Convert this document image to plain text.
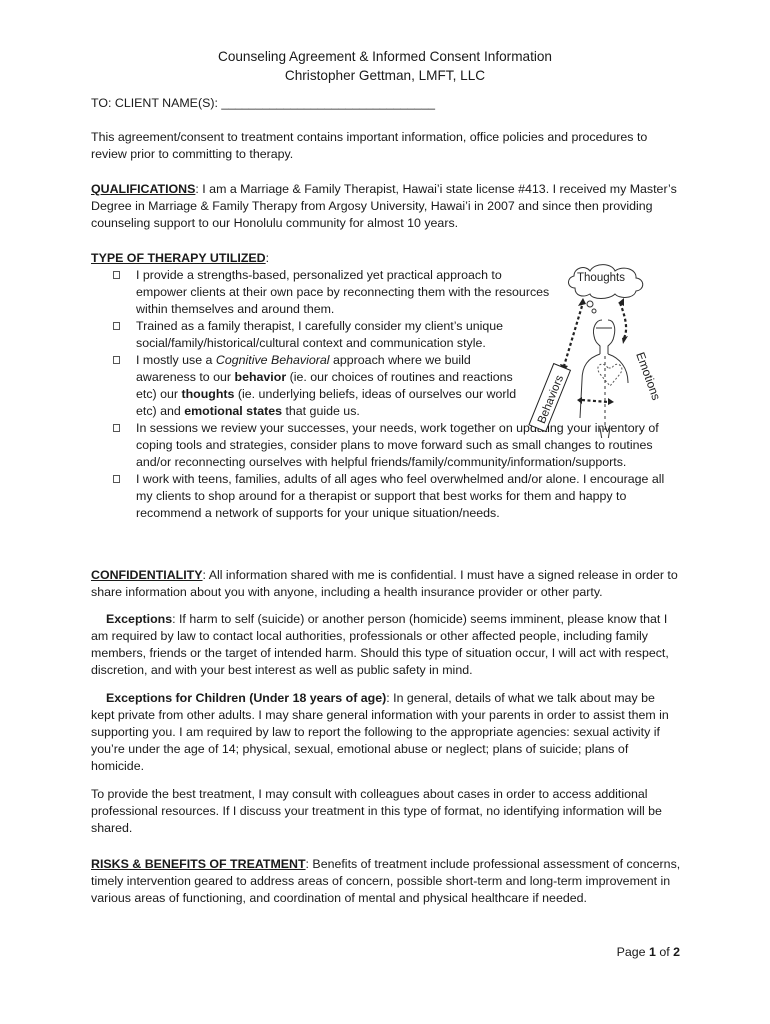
Counseling Agreement & Informed Consent Information
Christopher Gettman, LMFT, LLC
TO: CLIENT NAME(S): _______________________________

This agreement/consent to treatment contains important information, office policies and procedures to review prior to committing to therapy.

QUALIFICATIONS: I am a Marriage & Family Therapist, Hawai’i state license #413. I received my Master’s Degree in Marriage & Family Therapy from Argosy University, Hawai’i in 2007 and since then providing counseling support to our Honolulu community for almost 10 years.

TYPE OF THERAPY UTILIZED:

I provide a strengths-based, personalized yet practical approach to empower clients at their own pace by reconnecting them with the resources within themselves and around them.
Trained as a family therapist, I carefully consider my client’s unique social/family/historical/cultural context and communication style.
I mostly use a Cognitive Behavioral approach where we build awareness to our behavior (ie. our choices of routines and reactions etc) our thoughts (ie. underlying beliefs, ideas of ourselves our world etc) and emotional states that guide us.
In sessions we review your successes, your needs, work together on updating your inventory of coping tools and strategies, consider plans to move forward such as small changes to routines and/or reconnecting ourselves with helpful friends/family/community/information/supports.
I work with teens, families, adults of all ages who feel overwhelmed and/or alone. I encourage all my clients to shop around for a therapist or support that best works for them and happy to recommend a network of supports for your unique situation/needs.
Thoughts
Behaviors	Emotions

CONFIDENTIALITY: All information shared with me is confidential. I must have a signed release in order to share information about you with anyone, including a health insurance provider or other party.

Exceptions: If harm to self (suicide) or another person (homicide) seems imminent, please know that I am required by law to contact local authorities, professionals or other affected people, including family members, friends or the target of intended harm. Should this type of situation occur, I will act with respect, discretion, and with your best interest as well as public safety in mind.

Exceptions for Children (Under 18 years of age): In general, details of what we talk about may be kept private from other adults. I may share general information with your parents in order to assist them in supporting you. I am required by law to report the following to the appropriate agencies: sexual activity if you’re under the age of 14; physical, sexual, emotional abuse or neglect; plans of suicide; plans of homicide.

To provide the best treatment, I may consult with colleagues about cases in order to access additional professional resources. If I discuss your treatment in this type of format, no identifying information will be shared.

RISKS & BENEFITS OF TREATMENT: Benefits of treatment include professional assessment of concerns, timely intervention geared to address areas of concern, possible short-term and long-term improvement in various areas of functioning, and coordination of mental and physical healthcare if needed.

Page 1 of 2
